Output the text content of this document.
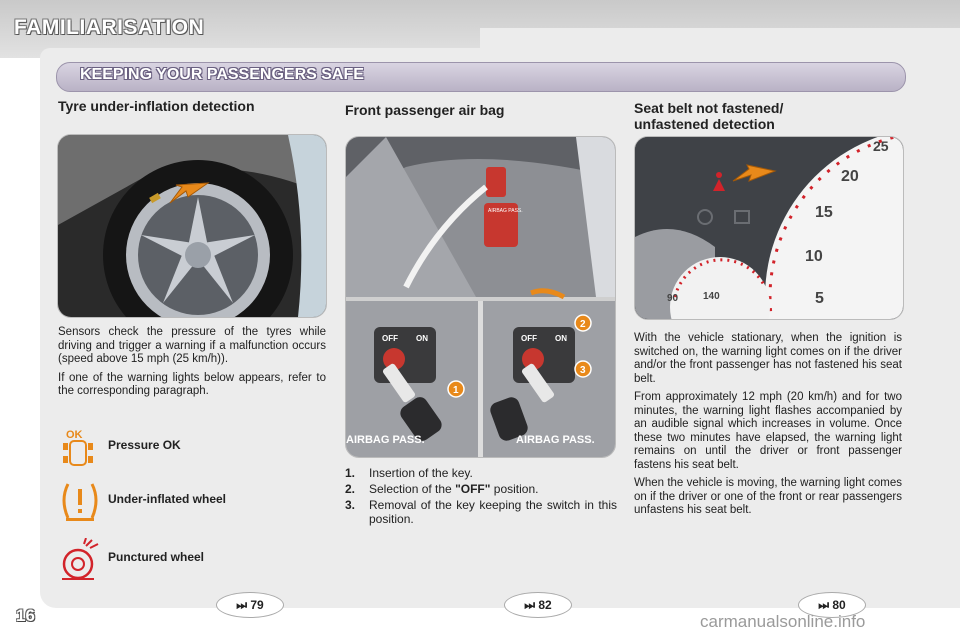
FAMILIARISATION
KEEPING YOUR PASSENGERS SAFE
Tyre under-inflation detection

Sensors check the pressure of the tyres while driving and trigger a warning if a malfunction occurs (speed above 15 mph (25 km/h)).

If one of the warning lights below appears, refer to the corresponding paragraph.

OK
Pressure OK
Under-inflated wheel
Punctured wheel
Front passenger air bag
AIRBAG PASS.
OFF ON	OFF ON
AIRBAG PASS.	AIRBAG PASS.
1
2
3
1. Insertion of the key.
2. Selection of the "OFF" position.
3. Removal of the key keeping the switch in this position.
Seat belt not fastened/
unfastened detection
25
20
15
10
5
90 140

With the vehicle stationary, when the ignition is switched on, the warning light comes on if the driver and/or the front passenger has not fastened his seat belt.

From approximately 12 mph (20 km/h) and for two minutes, the warning light flashes accompanied by an audible signal which increases in volume. Once these two minutes have elapsed, the warning light remains on until the driver or front passenger fastens his seat belt.

When the vehicle is moving, the warning light comes on if the driver or one of the front or rear passengers unfastens his seat belt.

⏭ 79	⏭ 82	⏭ 80
16	carmanualsonline.info
